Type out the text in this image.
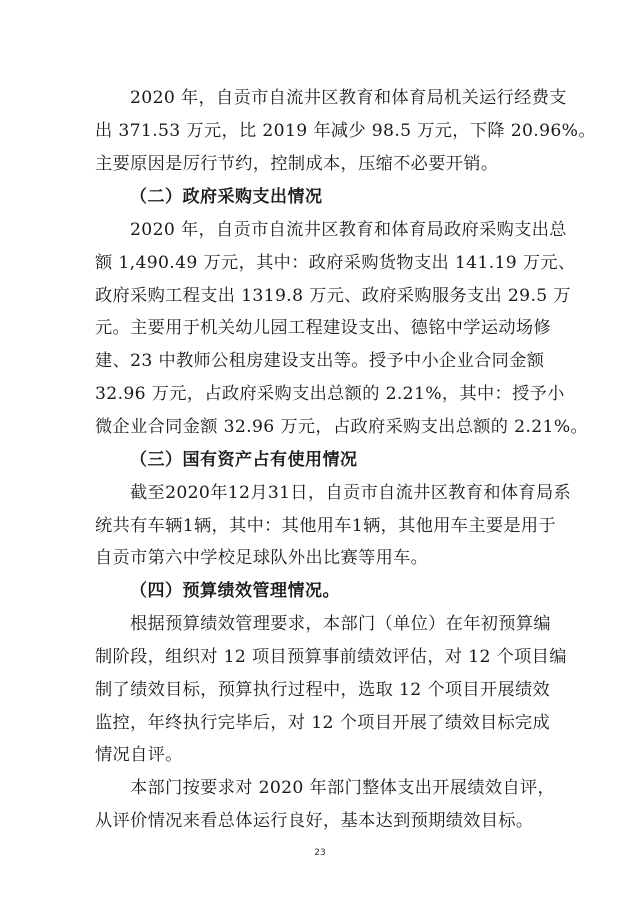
2020 年，自贡市自流井区教育和体育局机关运行经费支
出 371.53 万元，比 2019 年减少 98.5 万元，下降 20.96%。
主要原因是厉行节约，控制成本，压缩不必要开销。
（二）政府采购支出情况
2020 年，自贡市自流井区教育和体育局政府采购支出总
额 1,490.49 万元，其中：政府采购货物支出 141.19 万元、
政府采购工程支出 1319.8 万元、政府采购服务支出 29.5 万
元。主要用于机关幼儿园工程建设支出、德铭中学运动场修
建、23 中教师公租房建设支出等。授予中小企业合同金额
32.96 万元，占政府采购支出总额的 2.21%，其中：授予小
微企业合同金额 32.96 万元，占政府采购支出总额的 2.21%。
（三）国有资产占有使用情况
截至2020年12月31日，自贡市自流井区教育和体育局系
统共有车辆1辆，其中：其他用车1辆，其他用车主要是用于
自贡市第六中学校足球队外出比赛等用车。
（四）预算绩效管理情况。
根据预算绩效管理要求，本部门（单位）在年初预算编
制阶段，组织对 12 项目预算事前绩效评估，对 12 个项目编
制了绩效目标，预算执行过程中，选取 12 个项目开展绩效
监控，年终执行完毕后，对 12 个项目开展了绩效目标完成
情况自评。
本部门按要求对 2020 年部门整体支出开展绩效自评，
从评价情况来看总体运行良好，基本达到预期绩效目标。
23
